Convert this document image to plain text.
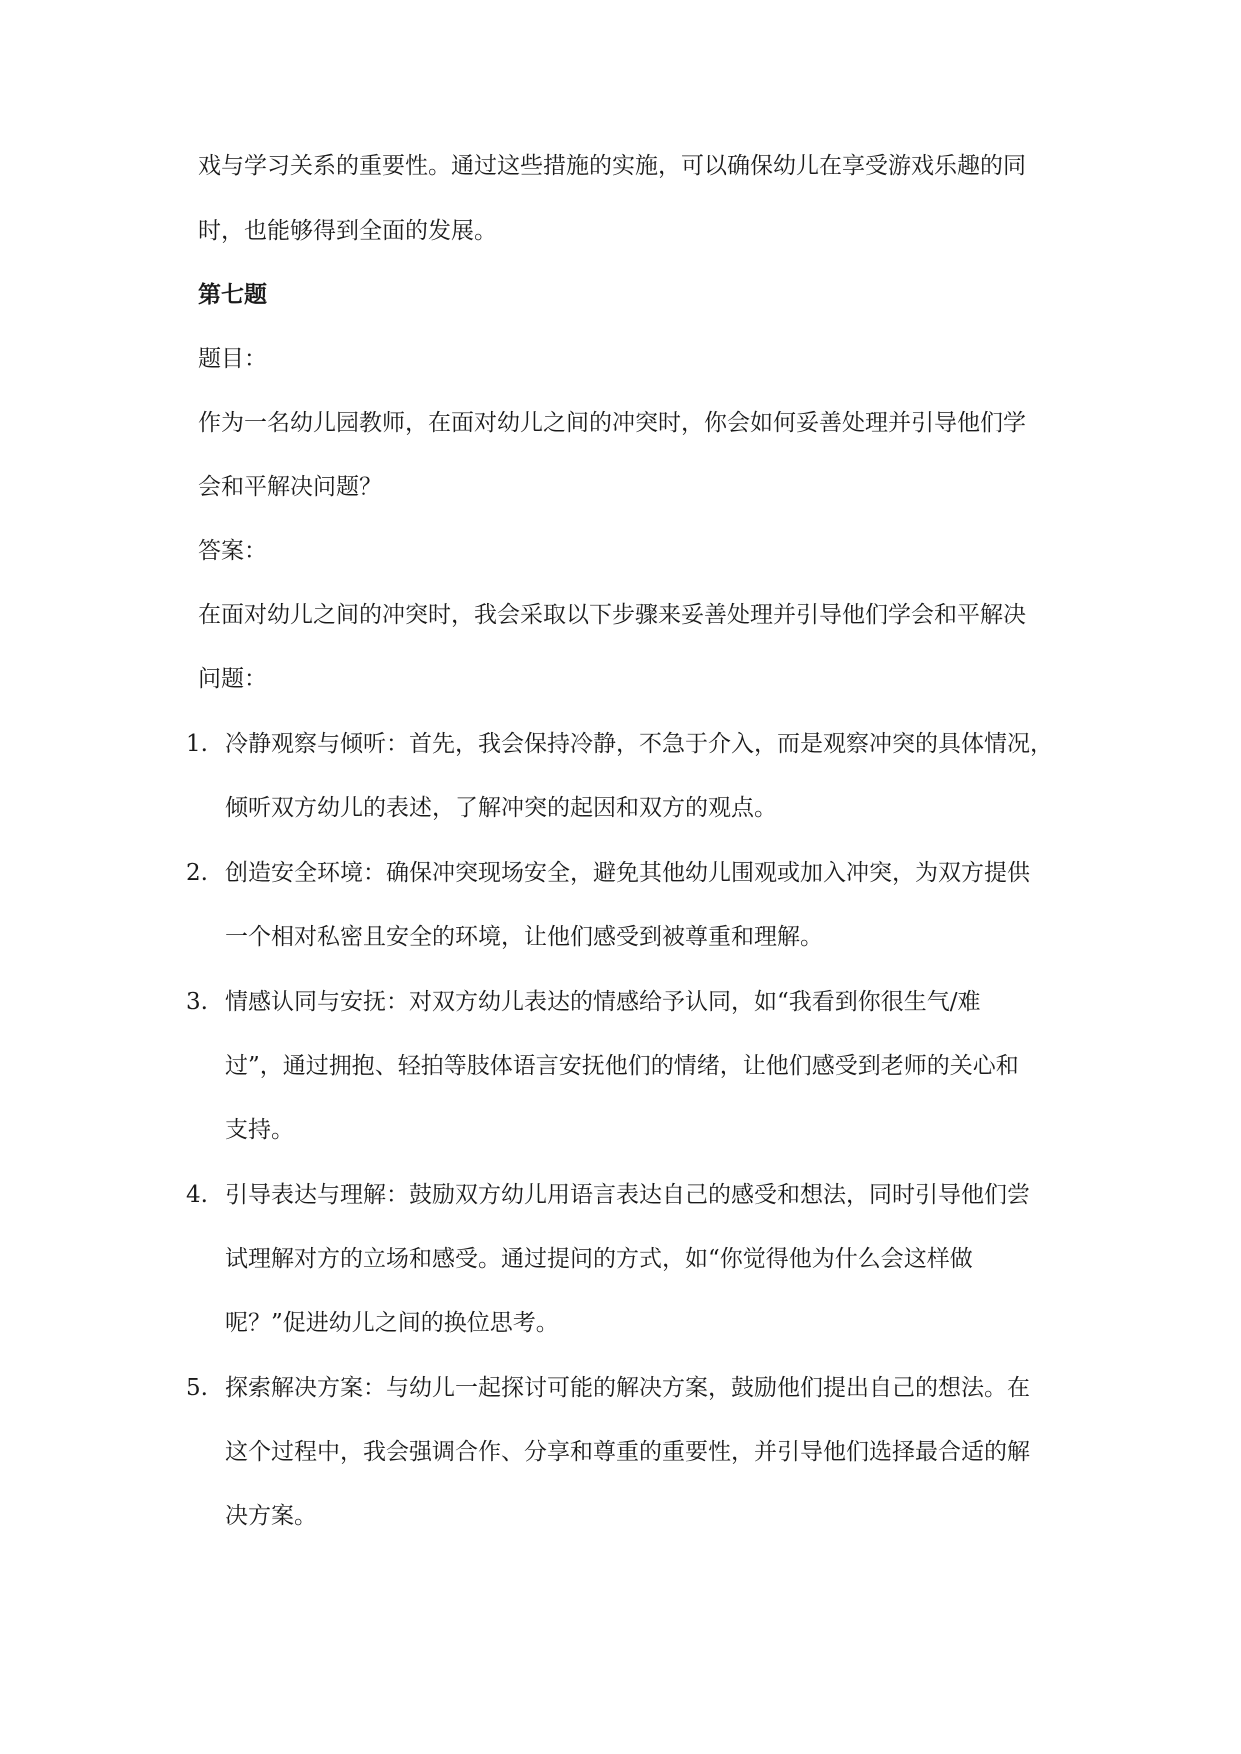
戏与学习关系的重要性。通过这些措施的实施，可以确保幼儿在享受游戏乐趣的同
时，也能够得到全面的发展。
第七题
题目：
作为一名幼儿园教师，在面对幼儿之间的冲突时，你会如何妥善处理并引导他们学
会和平解决问题？
答案：
在面对幼儿之间的冲突时，我会采取以下步骤来妥善处理并引导他们学会和平解决
问题：
1. 冷静观察与倾听：首先，我会保持冷静，不急于介入，而是观察冲突的具体情况，
倾听双方幼儿的表述，了解冲突的起因和双方的观点。
2. 创造安全环境：确保冲突现场安全，避免其他幼儿围观或加入冲突，为双方提供
一个相对私密且安全的环境，让他们感受到被尊重和理解。
3. 情感认同与安抚：对双方幼儿表达的情感给予认同，如“我看到你很生气/难
过”，通过拥抱、轻拍等肢体语言安抚他们的情绪，让他们感受到老师的关心和
支持。
4. 引导表达与理解：鼓励双方幼儿用语言表达自己的感受和想法，同时引导他们尝
试理解对方的立场和感受。通过提问的方式，如“你觉得他为什么会这样做
呢？”促进幼儿之间的换位思考。
5. 探索解决方案：与幼儿一起探讨可能的解决方案，鼓励他们提出自己的想法。在
这个过程中，我会强调合作、分享和尊重的重要性，并引导他们选择最合适的解
决方案。
